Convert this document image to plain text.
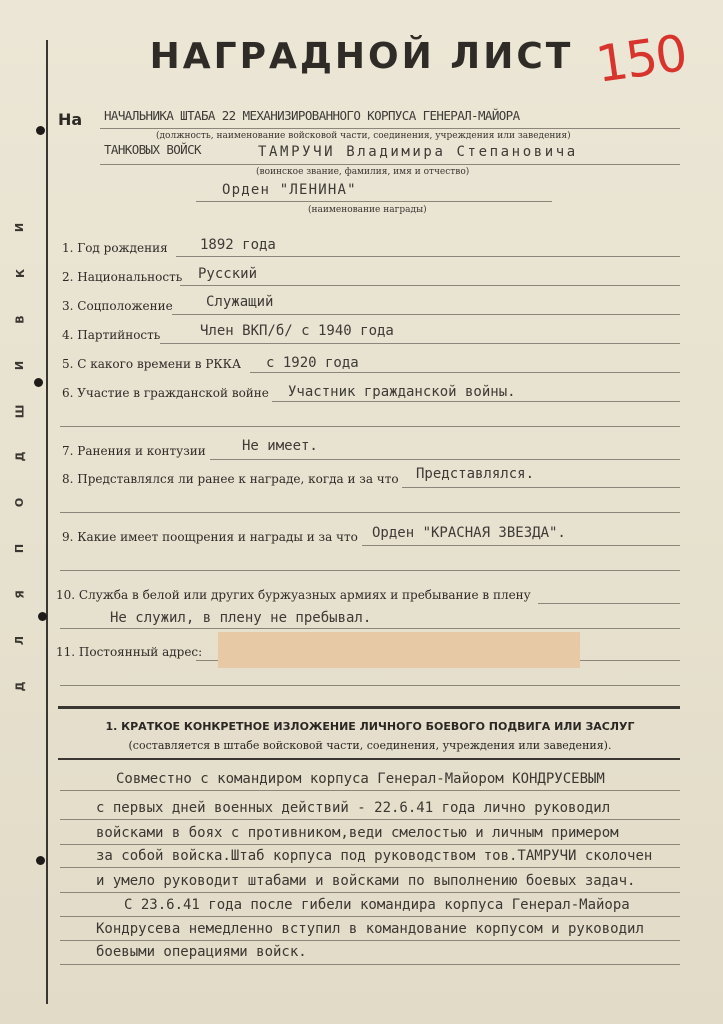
И
К
В
И
Ш
Д
О
П
Я
Л
Д
НАГРАДНОЙ ЛИСТ 150
На НАЧАЛЬНИКА ШТАБА 22 МЕХАНИЗИРОВАННОГО КОРПУСА ГЕНЕРАЛ-МАЙОРА
(должность, наименование войсковой части, соединения, учреждения или заведения)
ТАНКОВЫХ ВОЙСК	ТАМРУЧИ Владимира Степановича
(воинское звание, фамилия, имя и отчество)
Орден "ЛЕНИНА"
(наименование награды)
1. Год рождения 1892 года
2. Национальность Русский
3. Соцположение Служащий
4. Партийность	Член ВКП/б/ с 1940 года
5. С какого времени в РККА с 1920 года
6. Участие в гражданской войне Участник гражданской войны.
7. Ранения и контузии	Не имеет.
8. Представлялся ли ранее к награде, когда и за что Представлялся.
9. Какие имеет поощрения и награды и за что Орден "КРАСНАЯ ЗВЕЗДА".
10. Служба в белой или других буржуазных армиях и пребывание в плену
Не служил, в плену не пребывал.
11. Постоянный адрес:
1. КРАТКОЕ КОНКРЕТНОЕ ИЗЛОЖЕНИЕ ЛИЧНОГО БОЕВОГО ПОДВИГА ИЛИ ЗАСЛУГ
(составляется в штабе войсковой части, соединения, учреждения или заведения).
Совместно с командиром корпуса Генерал-Майором КОНДРУСЕВЫМ
с первых дней военных действий - 22.6.41 года лично руководил
войсками в боях с противником,веди смелостью и личным примером
за собой войска.Штаб корпуса под руководством тов.ТАМРУЧИ сколочен
и умело руководит штабами и войсками по выполнению боевых задач.
С 23.6.41 года после гибели командира корпуса Генерал-Майора
Кондрусева немедленно вступил в командование корпусом и руководил
боевыми операциями войск.
